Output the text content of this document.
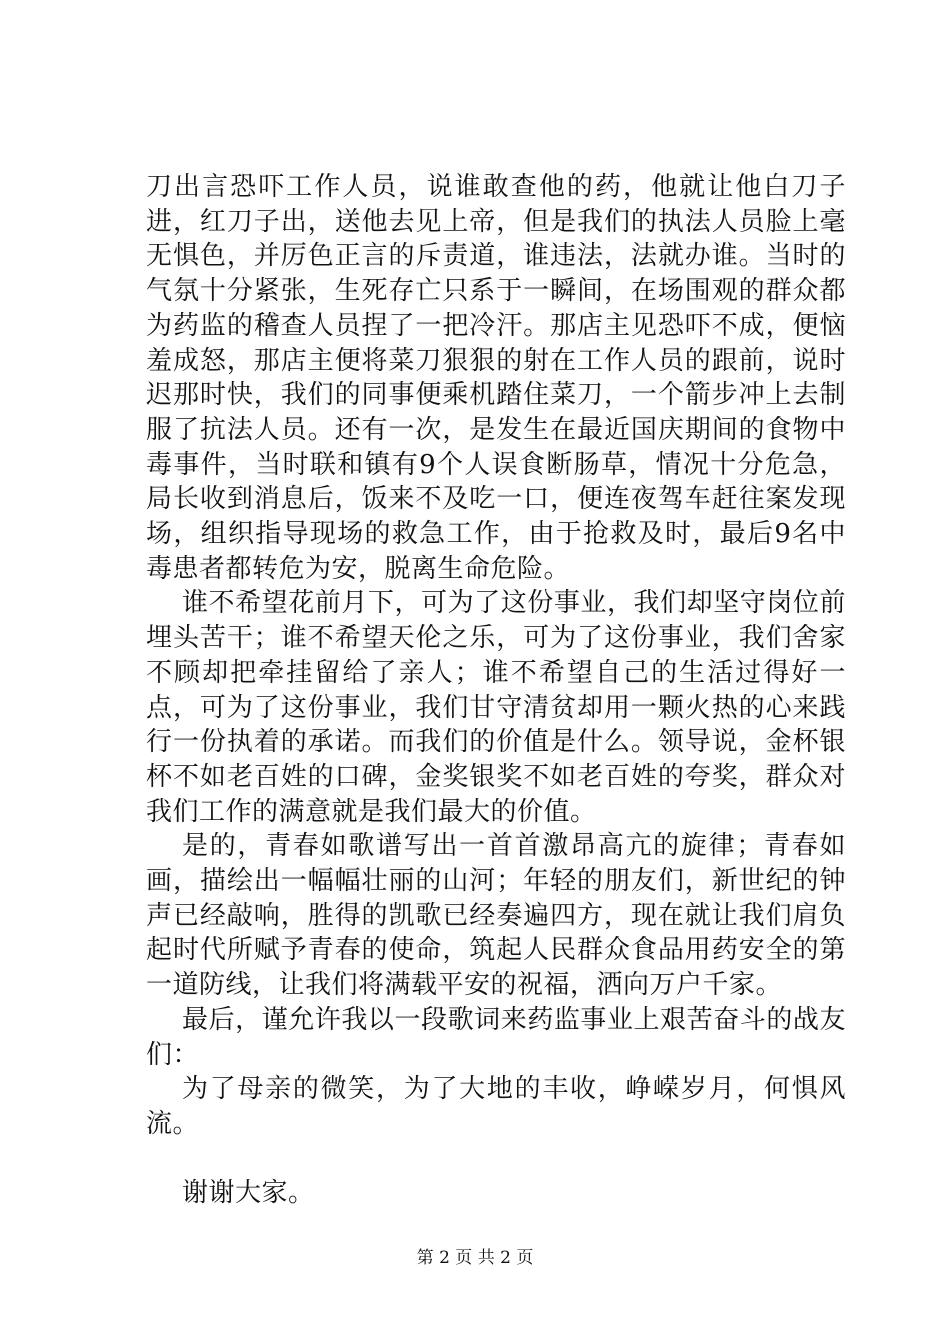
刀出言恐吓工作人员，说谁敢查他的药，他就让他白刀子进，红刀子出，送他去见上帝，但是我们的执法人员脸上毫无惧色，并厉色正言的斥责道，谁违法，法就办谁。当时的气氛十分紧张，生死存亡只系于一瞬间，在场围观的群众都为药监的稽查人员捏了一把冷汗。那店主见恐吓不成，便恼羞成怒，那店主便将菜刀狠狠的射在工作人员的跟前，说时迟那时快，我们的同事便乘机踏住菜刀，一个箭步冲上去制服了抗法人员。还有一次，是发生在最近国庆期间的食物中毒事件，当时联和镇有9个人误食断肠草，情况十分危急，局长收到消息后，饭来不及吃一口，便连夜驾车赶往案发现场，组织指导现场的救急工作，由于抢救及时，最后9名中毒患者都转危为安，脱离生命危险。

谁不希望花前月下，可为了这份事业，我们却坚守岗位前埋头苦干；谁不希望天伦之乐，可为了这份事业，我们舍家不顾却把牵挂留给了亲人；谁不希望自己的生活过得好一点，可为了这份事业，我们甘守清贫却用一颗火热的心来践行一份执着的承诺。而我们的价值是什么。领导说，金杯银杯不如老百姓的口碑，金奖银奖不如老百姓的夸奖，群众对我们工作的满意就是我们最大的价值。

是的，青春如歌谱写出一首首激昂高亢的旋律；青春如画，描绘出一幅幅壮丽的山河；年轻的朋友们，新世纪的钟声已经敲响，胜得的凯歌已经奏遍四方，现在就让我们肩负起时代所赋予青春的使命，筑起人民群众食品用药安全的第一道防线，让我们将满载平安的祝福，洒向万户千家。

最后，谨允许我以一段歌词来药监事业上艰苦奋斗的战友们：

为了母亲的微笑，为了大地的丰收，峥嵘岁月，何惧风流。

谢谢大家。

第 2 页 共 2 页
